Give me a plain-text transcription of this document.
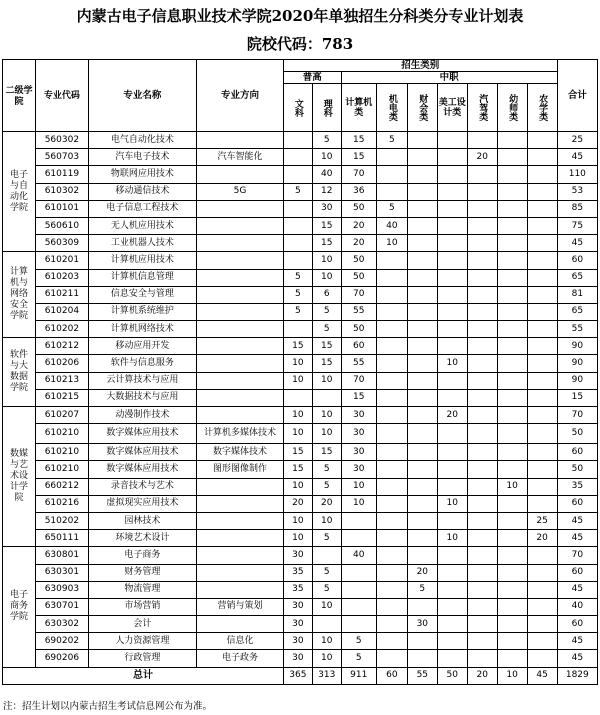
内蒙古电子信息职业技术学院2020年单独招生分科类分专业计划表
院校代码：783
二级学院	专业代码	专业名称	专业方向	招生类别									合计
				普高		中职							

				文科	理科	计算机类	机电类	财会类	美工设计类	汽驾类	幼师类	农学类	

电子与自动化学院	560302	电气自动化技术			5	15	5						25
	560703	汽车电子技术	汽车智能化		10	15				20			45
	610119	物联网应用技术			40	70							110
	610302	移动通信技术	5G	5	12	36							53
	610101	电子信息工程技术			30	50	5						85
	560610	无人机应用技术			15	20	40						75
	560309	工业机器人技术			15	20	10						45

计算机与网络安全学院	610201	计算机应用技术			10	50							60
	610203	计算机信息管理		5	10	50							65
	610211	信息安全与管理		5	6	70							81
	610204	计算机系统维护		5	5	55							65
	610202	计算机网络技术			5	50							55

软件与大数据学院	610212	移动应用开发		15	15	60							90
	610206	软件与信息服务		10	15	55			10				90
	610213	云计算技术与应用		10	10	70							90
	610215	大数据技术与应用				15							15

数媒与艺术设计学院	610207	动漫制作技术		10	10	30			20				70
	610210	数字媒体应用技术	计算机多媒体技术	10	10	30							50
	610210	数字媒体应用技术	数字媒体技术	15	15	30							60
	610210	数字媒体应用技术	图形图像制作	15	5	30							50
	660212	录音技术与艺术		10	5	10					10		35
	610216	虚拟现实应用技术		20	20	10			10				60
	510202	园林技术		10	10							25	45
	650111	环境艺术设计		10	5				10			20	45

电子商务学院	630801	电子商务		30		40							70
	630301	财务管理		35	5			20					60
	630903	物流管理		35	5			5					45
	630701	市场营销	营销与策划	30	10								40
	630302	会计		30				30					60
	690202	人力资源管理	信息化	30	10	5							45
	690206	行政管理	电子政务	30	10	5							45
总计				365	313	911	60	55	50	20	10	45	1829
注：招生计划以内蒙古招生考试信息网公布为准。
